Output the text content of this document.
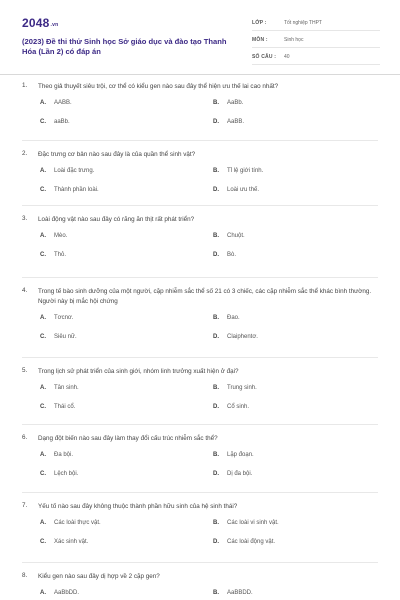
2048.vn
(2023) Đề thi thử Sinh học Sở giáo dục và đào tạo Thanh Hóa (Lần 2) có đáp án
LỚP :	Tốt nghiệp THPT
MÔN :	Sinh học
SỐ CÂU :	40
1. Theo giả thuyết siêu trội, cơ thể có kiểu gen nào sau đây thể hiện ưu thế lai cao nhất?
A. AABB.	B. AaBb.
C. aaBb.	D. AaBB.
2. Đặc trưng cơ bản nào sau đây là của quần thể sinh vật?
A. Loài đặc trưng.	B. Tỉ lệ giới tính.
C. Thành phần loài.	D. Loài ưu thế.
3. Loài động vật nào sau đây có răng ăn thịt rất phát triển?
A. Mèo.	B. Chuột.
C. Thỏ.	D. Bò.
4. Trong tế bào sinh dưỡng của một người, cặp nhiễm sắc thể số 21 có 3 chiếc, các cặp nhiễm sắc thể khác bình thường. Người này bị mắc hội chứng
A. Tơcnơ.	B. Đao.
C. Siêu nữ.	D. Claiphentơ.
5. Trong lịch sử phát triển của sinh giới, nhóm linh trưởng xuất hiện ở đại?
A. Tân sinh.	B. Trung sinh.
C. Thái cổ.	D. Cổ sinh.
6. Dạng đột biến nào sau đây làm thay đổi cấu trúc nhiễm sắc thể?
A. Đa bội.	B. Lặp đoạn.
C. Lệch bội.	D. Dị đa bội.
7. Yếu tố nào sau đây không thuộc thành phần hữu sinh của hệ sinh thái?
A. Các loài thực vật.	B. Các loài vi sinh vật.
C. Xác sinh vật.	D. Các loài động vật.
8. Kiểu gen nào sau đây dị hợp về 2 cặp gen?
A. AaBbDD.	B. AaBBDD.
